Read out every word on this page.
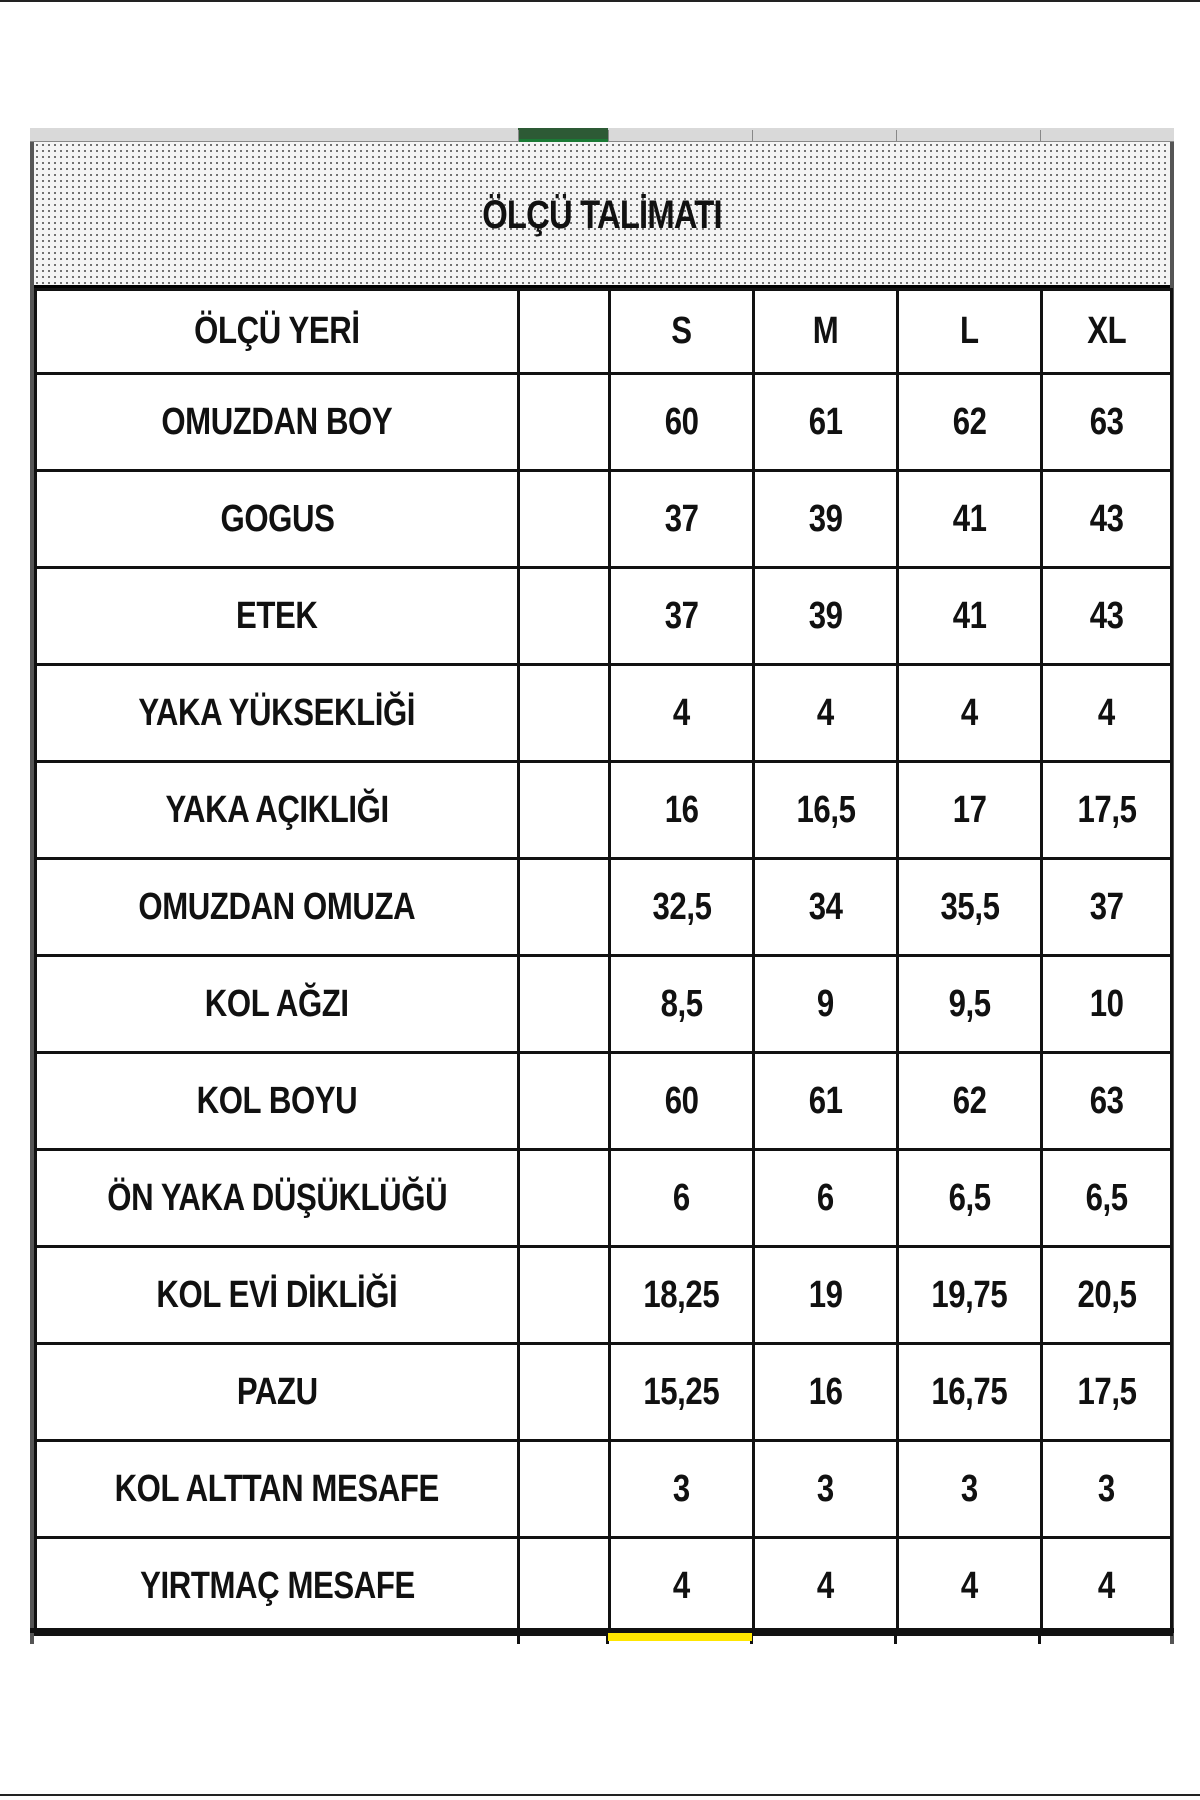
ÖLÇÜ TALİMATI
ÖLÇÜ YERİ		S	M	L	XL
OMUZDAN BOY		60	61	62	63
GOGUS		37	39	41	43
ETEK		37	39	41	43
YAKA YÜKSEKLİĞİ		4	4	4	4
YAKA AÇIKLIĞI		16	16,5	17	17,5
OMUZDAN OMUZA		32,5	34	35,5	37
KOL AĞZI		8,5	9	9,5	10
KOL BOYU		60	61	62	63
ÖN YAKA DÜŞÜKLÜĞÜ		6	6	6,5	6,5
KOL EVİ DİKLİĞİ		18,25	19	19,75	20,5
PAZU		15,25	16	16,75	17,5
KOL ALTTAN MESAFE		3	3	3	3
YIRTMAÇ MESAFE		4	4	4	4
